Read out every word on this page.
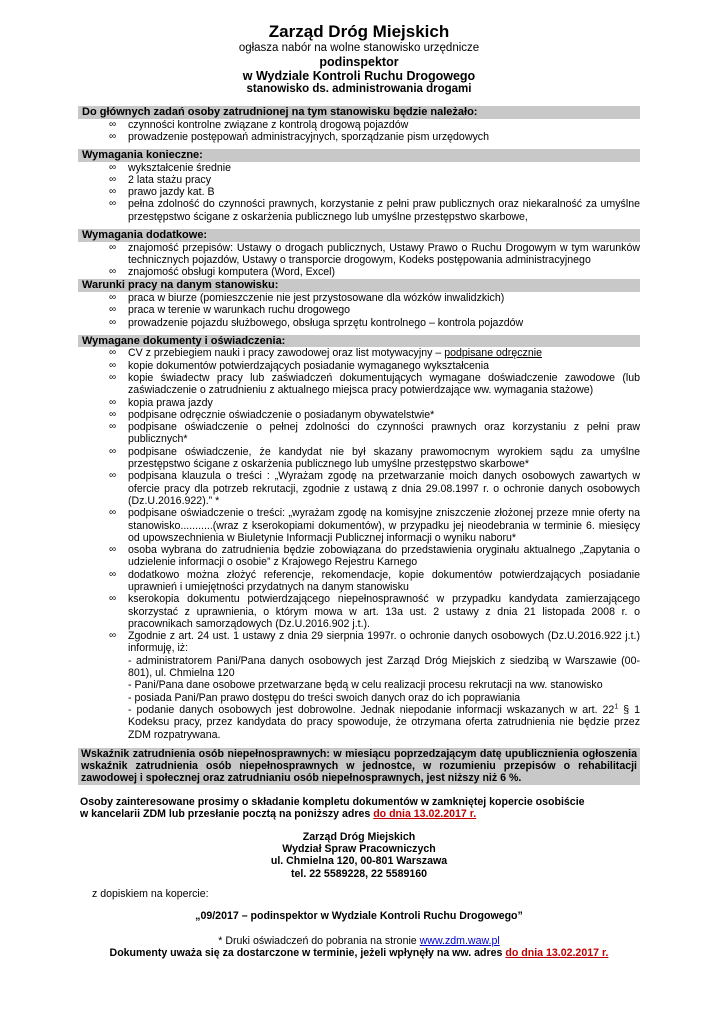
Zarząd Dróg Miejskich
ogłasza nabór na wolne stanowisko urzędnicze
podinspektor
w Wydziale Kontroli Ruchu Drogowego
stanowisko ds. administrowania drogami
Do głównych zadań osoby zatrudnionej na tym stanowisku będzie należało:
∞ czynności kontrolne związane z kontrolą drogową pojazdów
∞ prowadzenie postępowań administracyjnych, sporządzanie pism urzędowych
Wymagania konieczne:
∞ wykształcenie średnie
∞ 2 lata stażu pracy
∞ prawo jazdy kat. B
∞ pełna zdolność do czynności prawnych, korzystanie z pełni praw publicznych oraz niekaralność za umyślne przestępstwo ścigane z oskarżenia publicznego lub umyślne przestępstwo skarbowe,
Wymagania dodatkowe:
∞ znajomość przepisów: Ustawy o drogach publicznych, Ustawy Prawo o Ruchu Drogowym w tym warunków technicznych pojazdów, Ustawy o transporcie drogowym, Kodeks postępowania administracyjnego
∞ znajomość obsługi komputera (Word, Excel)
Warunki pracy na danym stanowisku:
∞ praca w biurze (pomieszczenie nie jest przystosowane dla wózków inwalidzkich)
∞ praca w terenie w warunkach ruchu drogowego
∞ prowadzenie pojazdu służbowego, obsługa sprzętu kontrolnego – kontrola pojazdów
Wymagane dokumenty i oświadczenia:
∞ CV z przebiegiem nauki i pracy zawodowej oraz list motywacyjny – podpisane odręcznie
∞ kopie dokumentów potwierdzających posiadanie wymaganego wykształcenia
∞ kopie świadectw pracy lub zaświadczeń dokumentujących wymagane doświadczenie zawodowe (lub zaświadczenie o zatrudnieniu z aktualnego miejsca pracy potwierdzające ww. wymagania stażowe)
∞ kopia prawa jazdy
∞ podpisane odręcznie oświadczenie o posiadanym obywatelstwie*
∞ podpisane oświadczenie o pełnej zdolności do czynności prawnych oraz korzystaniu z pełni praw publicznych*
∞ podpisane oświadczenie, że kandydat nie był skazany prawomocnym wyrokiem sądu za umyślne przestępstwo ścigane z oskarżenia publicznego lub umyślne przestępstwo skarbowe*
∞ podpisana klauzula o treści : „Wyrażam zgodę na przetwarzanie moich danych osobowych zawartych w ofercie pracy dla potrzeb rekrutacji, zgodnie z ustawą z dnia 29.08.1997 r. o ochronie danych osobowych (Dz.U.2016.922).” *
∞ podpisane oświadczenie o treści: „wyrażam zgodę na komisyjne zniszczenie złożonej przeze mnie oferty na stanowisko...........(wraz z kserokopiami dokumentów), w przypadku jej nieodebrania w terminie 6. miesięcy od upowszechnienia w Biuletynie Informacji Publicznej informacji o wyniku naboru*
∞ osoba wybrana do zatrudnienia będzie zobowiązana do przedstawienia oryginału aktualnego „Zapytania o udzielenie informacji o osobie” z Krajowego Rejestru Karnego
∞ dodatkowo można złożyć referencje, rekomendacje, kopie dokumentów potwierdzających posiadanie uprawnień i umiejętności przydatnych na danym stanowisku
∞ kserokopia dokumentu potwierdzającego niepełnosprawność w przypadku kandydata zamierzającego skorzystać z uprawnienia, o którym mowa w art. 13a ust. 2 ustawy z dnia 21 listopada 2008 r. o pracownikach samorządowych (Dz.U.2016.902 j.t.).
∞ Zgodnie z art. 24 ust. 1 ustawy z dnia 29 sierpnia 1997r. o ochronie danych osobowych (Dz.U.2016.922 j.t.) informuję, iż:
- administratorem Pani/Pana danych osobowych jest Zarząd Dróg Miejskich z siedzibą w Warszawie (00-801), ul. Chmielna 120
- Pani/Pana dane osobowe przetwarzane będą w celu realizacji procesu rekrutacji na ww. stanowisko
- posiada Pani/Pan prawo dostępu do treści swoich danych oraz do ich poprawiania
- podanie danych osobowych jest dobrowolne. Jednak niepodanie informacji wskazanych w art. $22^1$ § 1 Kodeksu pracy, przez kandydata do pracy spowoduje, że otrzymana oferta zatrudnienia nie będzie przez ZDM rozpatrywana.
Wskaźnik zatrudnienia osób niepełnosprawnych: w miesiącu poprzedzającym datę upublicznienia ogłoszenia wskaźnik zatrudnienia osób niepełnosprawnych w jednostce, w rozumieniu przepisów o rehabilitacji zawodowej i społecznej oraz zatrudnianiu osób niepełnosprawnych, jest niższy niż 6 %.
Osoby zainteresowane prosimy o składanie kompletu dokumentów w zamkniętej kopercie osobiście
w kancelarii ZDM lub przesłanie pocztą na poniższy adres do dnia 13.02.2017 r.
Zarząd Dróg Miejskich
Wydział Spraw Pracowniczych
ul. Chmielna 120, 00-801 Warszawa
tel. 22 5589228, 22 5589160
z dopiskiem na kopercie:
„09/2017 – podinspektor w Wydziale Kontroli Ruchu Drogowego”
* Druki oświadczeń do pobrania na stronie www.zdm.waw.pl
Dokumenty uważa się za dostarczone w terminie, jeżeli wpłynęły na ww. adres do dnia 13.02.2017 r.
